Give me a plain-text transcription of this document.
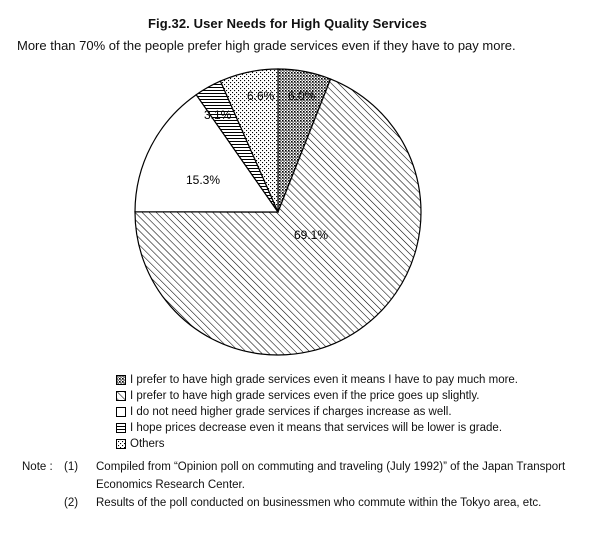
Fig.32. User Needs for High Quality Services
More than 70% of the people prefer high grade services even if they have to pay more.
6.0%
69.1%
15.3%
3.1%
6.6%
I prefer to have high grade services even it means I have to pay much more.
I prefer to have high grade services even if the price goes up slightly.
I do not need higher grade services if charges increase as well.
I hope prices decrease even it means that services will be lower is grade.
Others
Note : (1)	Compiled from “Opinion poll on commuting and traveling (July 1992)” of the Japan Transport Economics Research Center.
(2)	Results of the poll conducted on businessmen who commute within the Tokyo area, etc.
